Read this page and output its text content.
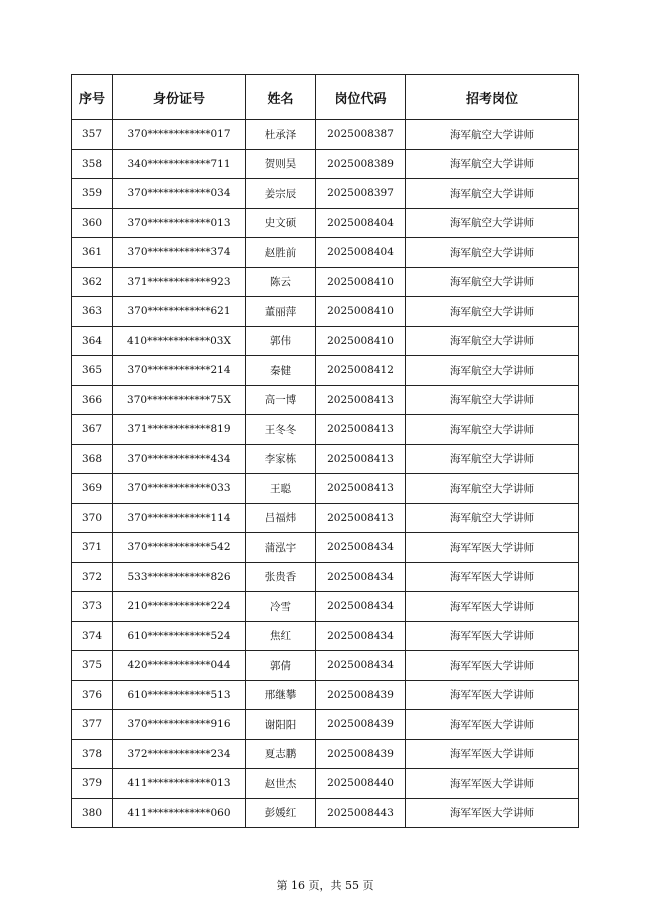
序号	身份证号	姓名	岗位代码	招考岗位
357	370************017	杜承泽	2025008387	海军航空大学讲师
358	340************711	贺则昊	2025008389	海军航空大学讲师
359	370************034	姜宗辰	2025008397	海军航空大学讲师
360	370************013	史文硕	2025008404	海军航空大学讲师
361	370************374	赵胜前	2025008404	海军航空大学讲师
362	371************923	陈云	2025008410	海军航空大学讲师
363	370************621	董丽萍	2025008410	海军航空大学讲师
364	410************03X	郭伟	2025008410	海军航空大学讲师
365	370************214	秦健	2025008412	海军航空大学讲师
366	370************75X	高一博	2025008413	海军航空大学讲师
367	371************819	王冬冬	2025008413	海军航空大学讲师
368	370************434	李家栋	2025008413	海军航空大学讲师
369	370************033	王聪	2025008413	海军航空大学讲师
370	370************114	吕福炜	2025008413	海军航空大学讲师
371	370************542	蒲泓宇	2025008434	海军军医大学讲师
372	533************826	张贵香	2025008434	海军军医大学讲师
373	210************224	冷雪	2025008434	海军军医大学讲师
374	610************524	焦红	2025008434	海军军医大学讲师
375	420************044	郭倩	2025008434	海军军医大学讲师
376	610************513	邢继攀	2025008439	海军军医大学讲师
377	370************916	谢阳阳	2025008439	海军军医大学讲师
378	372************234	夏志鹏	2025008439	海军军医大学讲师
379	411************013	赵世杰	2025008440	海军军医大学讲师
380	411************060	彭媛红	2025008443	海军军医大学讲师
第 16 页，共 55 页
